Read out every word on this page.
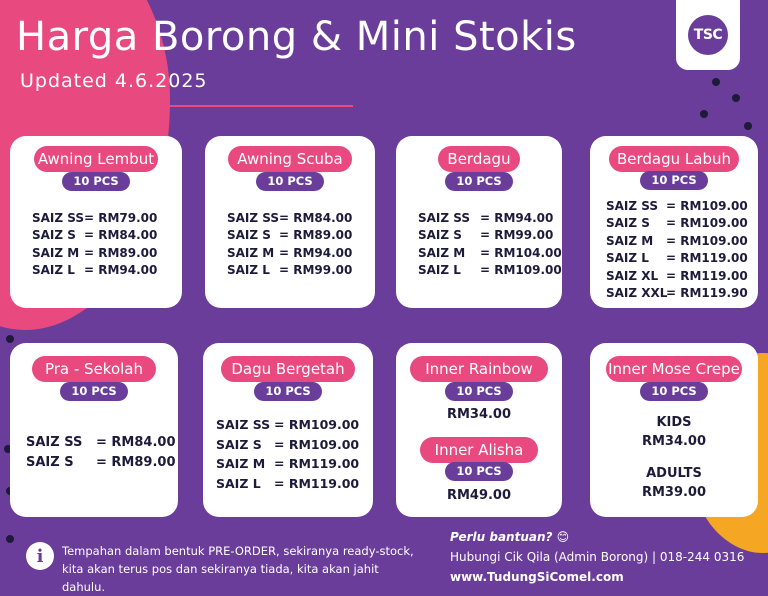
Harga Borong & Mini Stokis
Updated 4.6.2025
TSC
Awning Lembut
10 PCS
SAIZ SS= RM79.00
SAIZ S = RM84.00
SAIZ M = RM89.00
SAIZ L = RM94.00
Awning Scuba
10 PCS
SAIZ SS= RM84.00
SAIZ S = RM89.00
SAIZ M = RM94.00
SAIZ L = RM99.00
Berdagu
10 PCS
SAIZ SS = RM94.00
SAIZ S = RM99.00
SAIZ M = RM104.00
SAIZ L = RM109.00
Berdagu Labuh
10 PCS
SAIZ SS = RM109.00
SAIZ S = RM109.00
SAIZ M = RM109.00
SAIZ L = RM119.00
SAIZ XL = RM119.00
SAIZ XXL= RM119.90
Pra - Sekolah
10 PCS
SAIZ SS = RM84.00
SAIZ S = RM89.00
Dagu Bergetah
10 PCS
SAIZ SS = RM109.00
SAIZ S = RM109.00
SAIZ M = RM119.00
SAIZ L = RM119.00
Inner Rainbow
10 PCS
RM34.00
Inner Alisha
10 PCS
RM49.00
Inner Mose Crepe
10 PCS
KIDS
RM34.00
ADULTS
RM39.00
i	Tempahan dalam bentuk PRE-ORDER, sekiranya ready-stock,
kita akan terus pos dan sekiranya tiada, kita akan jahit dahulu.
Perlu bantuan? 😊
Hubungi Cik Qila (Admin Borong) | 018-244 0316
www.TudungSiComel.com
